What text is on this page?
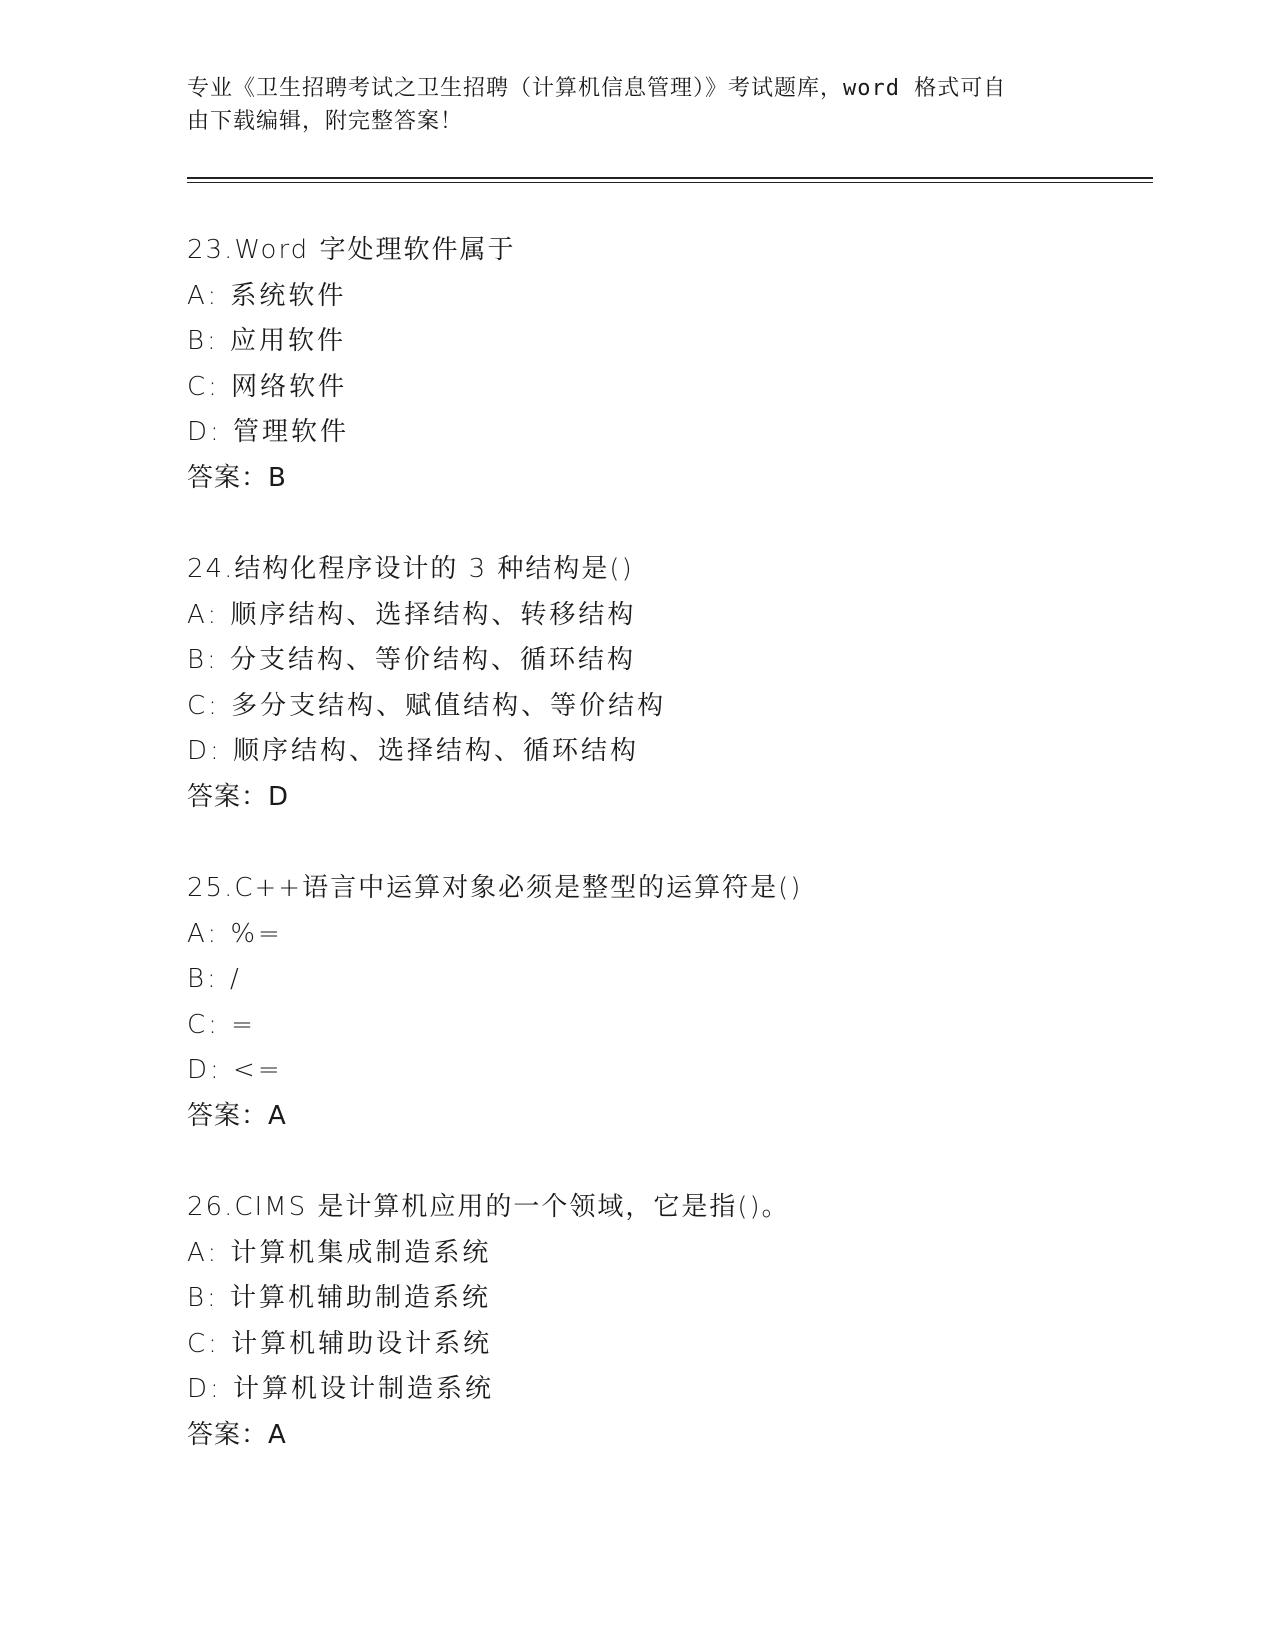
专业《卫生招聘考试之卫生招聘（计算机信息管理）》考试题库，word 格式可自
由下载编辑，附完整答案！
23.Word 字处理软件属于
A: 系统软件
B: 应用软件
C: 网络软件
D: 管理软件
答案：B
24.结构化程序设计的 3 种结构是()
A: 顺序结构、选择结构、转移结构
B: 分支结构、等价结构、循环结构
C: 多分支结构、赋值结构、等价结构
D: 顺序结构、选择结构、循环结构
答案：D
25.C++语言中运算对象必须是整型的运算符是()
A: %=
B: /
C: =
D: <=
答案：A
26.CIMS 是计算机应用的一个领域，它是指()。
A: 计算机集成制造系统
B: 计算机辅助制造系统
C: 计算机辅助设计系统
D: 计算机设计制造系统
答案：A
